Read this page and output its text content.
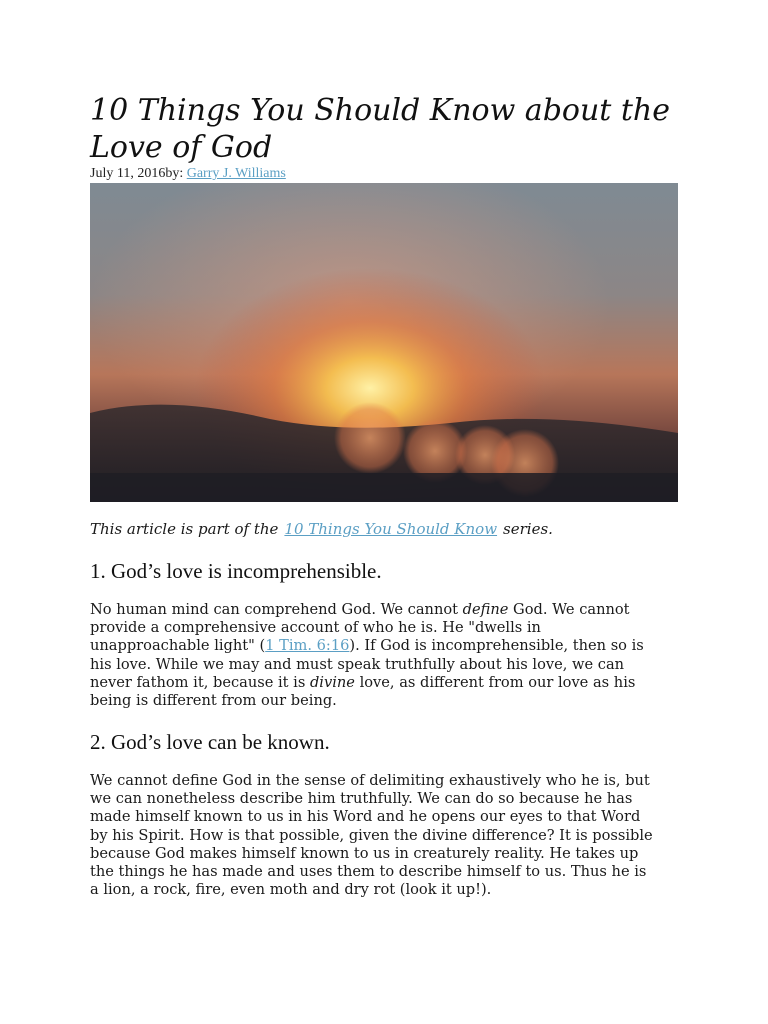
10 Things You Should Know about the
Love of God
July 11, 2016by: Garry J. Williams

This article is part of the 10 Things You Should Know series.

1. God’s love is incomprehensible.

No human mind can comprehend God. We cannot define God. We cannot
provide a comprehensive account of who he is. He "dwells in
unapproachable light" (1 Tim. 6:16). If God is incomprehensible, then so is
his love. While we may and must speak truthfully about his love, we can
never fathom it, because it is divine love, as different from our love as his
being is different from our being.

2. God’s love can be known.

We cannot define God in the sense of delimiting exhaustively who he is, but
we can nonetheless describe him truthfully. We can do so because he has
made himself known to us in his Word and he opens our eyes to that Word
by his Spirit. How is that possible, given the divine difference? It is possible
because God makes himself known to us in creaturely reality. He takes up
the things he has made and uses them to describe himself to us. Thus he is
a lion, a rock, fire, even moth and dry rot (look it up!).
